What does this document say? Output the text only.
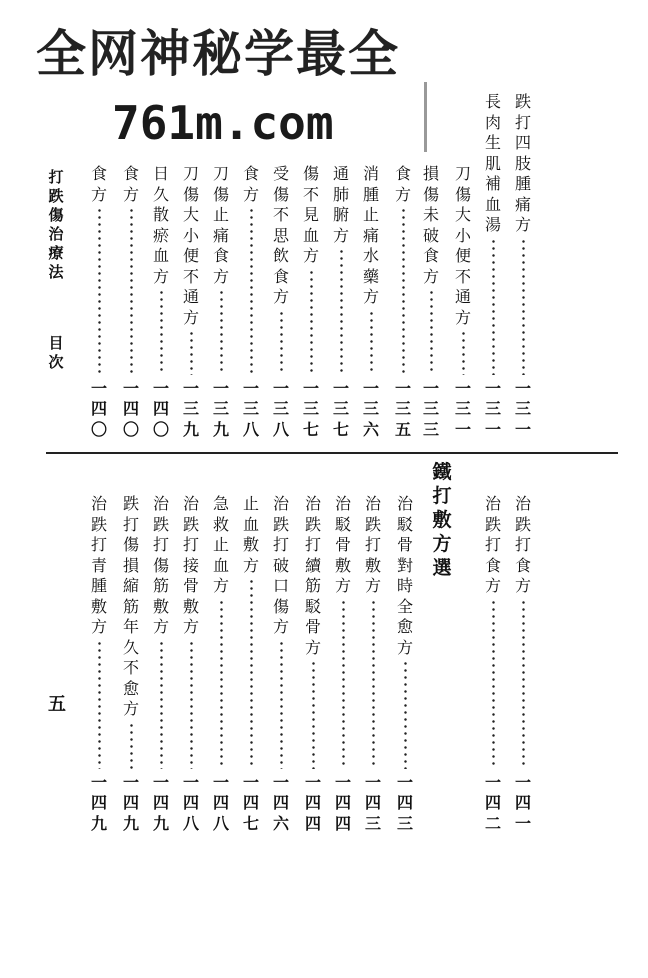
全网神秘学最全
761m.com	跌
打
四
肢
腫
痛
方
一
三
一
長
肉
生
肌
補
血
湯
一
三
一
刀
傷
大
小
便
不
通
方
一
三
一
損
傷
未
破
食
方
一
三
三
食
方
一
三
五
消
腫
止
痛
水
藥
方
一
三
六
通
肺
腑
方
一
三
七
傷
不
見
血
方
一
三
七
受
傷
不
思
飲
食
方
一
三
八
食
方
一
三
八
刀
傷
止
痛
食
方
一
三
九
刀
傷
大
小
便
不
通
方
一
三
九
日
久
散
瘀
血
方
一
四
〇
食
方
一
四
〇
食
方
一
四
〇
治
跌
打
食
方
一
四
一
治
跌
打
食
方
一
四
二
治
駁
骨
對
時
全
愈
方
一
四
三
治
跌
打
敷
方
一
四
三
治
駁
骨
敷
方
一
四
四
治
跌
打
續
筋
駁
骨
方
一
四
四
治
跌
打
破
口
傷
方
一
四
六
止
血
敷
方
一
四
七
急
救
止
血
方
一
四
八
治
跌
打
接
骨
敷
方
一
四
八
治
跌
打
傷
筋
敷
方
一
四
九
跌
打
傷
損
縮
筋
年
久
不
愈
方
一
四
九
治
跌
打
青
腫
敷
方
一
四
九
鐵
打
敷
方
選
打
跌
傷
治
療
法
目
次
五
